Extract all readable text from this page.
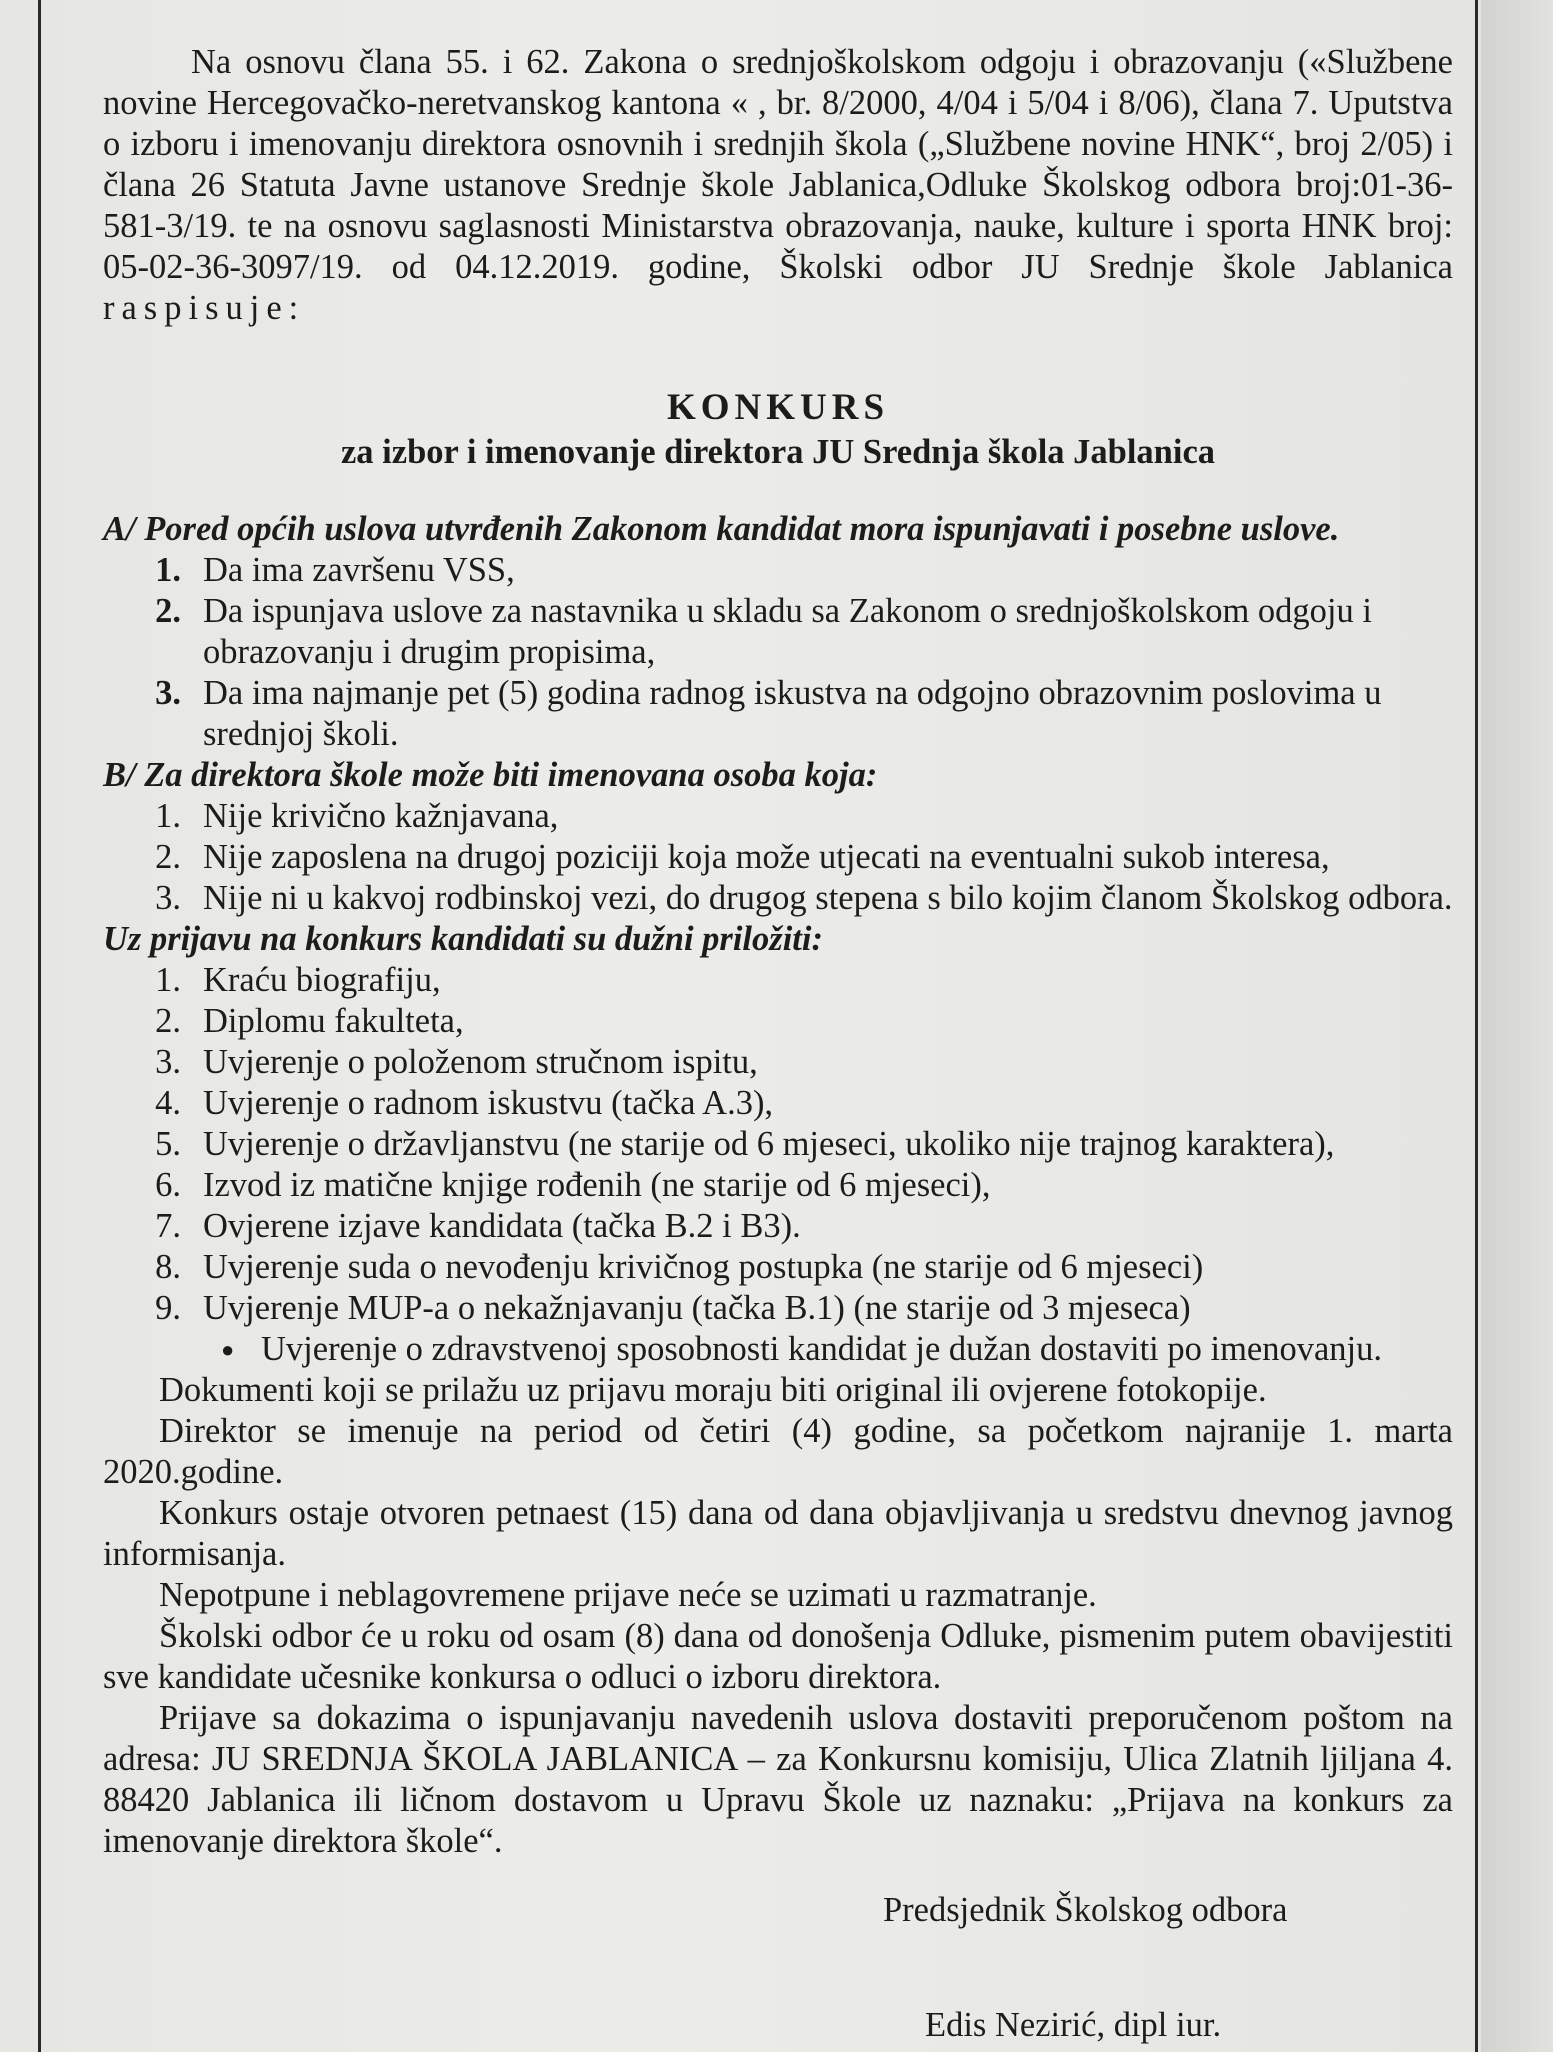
Na osnovu člana 55. i 62. Zakona o srednjoškolskom odgoju i obrazovanju («Službene novine Hercegovačko-neretvanskog kantona « , br. 8/2000, 4/04 i 5/04 i 8/06), člana 7. Uputstva o izboru i imenovanju direktora osnovnih i srednjih škola („Službene novine HNK“, broj 2/05) i člana 26 Statuta Javne ustanove Srednje škole Jablanica,Odluke Školskog odbora broj:01-36-581-3/19. te na osnovu saglasnosti Ministarstva obrazovanja, nauke, kulture i sporta HNK broj: 05-02-36-3097/19. od 04.12.2019. godine, Školski odbor JU Srednje škole Jablanica raspisuje:

KONKURS
za izbor i imenovanje direktora JU Srednja škola Jablanica
A/ Pored općih uslova utvrđenih Zakonom kandidat mora ispunjavati i posebne uslove.
1. Da ima završenu VSS,
2. Da ispunjava uslove za nastavnika u skladu sa Zakonom o srednjoškolskom odgoju i obrazovanju i drugim propisima,
3. Da ima najmanje pet (5) godina radnog iskustva na odgojno obrazovnim poslovima u srednjoj školi.
B/ Za direktora škole može biti imenovana osoba koja:
1. Nije krivično kažnjavana,
2. Nije zaposlena na drugoj poziciji koja može utjecati na eventualni sukob interesa,
3. Nije ni u kakvoj rodbinskoj vezi, do drugog stepena s bilo kojim članom Školskog odbora.
Uz prijavu na konkurs kandidati su dužni priložiti:
1. Kraću biografiju,
2. Diplomu fakulteta,
3. Uvjerenje o položenom stručnom ispitu,
4. Uvjerenje o radnom iskustvu (tačka A.3),
5. Uvjerenje o državljanstvu (ne starije od 6 mjeseci, ukoliko nije trajnog karaktera),
6. Izvod iz matične knjige rođenih (ne starije od 6 mjeseci),
7. Ovjerene izjave kandidata (tačka B.2 i B3).
8. Uvjerenje suda o nevođenju krivičnog postupka (ne starije od 6 mjeseci)
9. Uvjerenje MUP-a o nekažnjavanju (tačka B.1) (ne starije od 3 mjeseca)
● Uvjerenje o zdravstvenoj sposobnosti kandidat je dužan dostaviti po imenovanju.

Dokumenti koji se prilažu uz prijavu moraju biti original ili ovjerene fotokopije.

Direktor se imenuje na period od četiri (4) godine, sa početkom najranije 1. marta 2020.godine.

Konkurs ostaje otvoren petnaest (15) dana od dana objavljivanja u sredstvu dnevnog javnog informisanja.

Nepotpune i neblagovremene prijave neće se uzimati u razmatranje.

Školski odbor će u roku od osam (8) dana od donošenja Odluke, pismenim putem obavijestiti sve kandidate učesnike konkursa o odluci o izboru direktora.

Prijave sa dokazima o ispunjavanju navedenih uslova dostaviti preporučenom poštom na adresa: JU SREDNJA ŠKOLA JABLANICA – za Konkursnu komisiju, Ulica Zlatnih ljiljana 4. 88420 Jablanica ili ličnom dostavom u Upravu Škole uz naznaku: „Prijava na konkurs za imenovanje direktora škole“.

Predsjednik Školskog odbora
Edis Nezirić, dipl iur.
